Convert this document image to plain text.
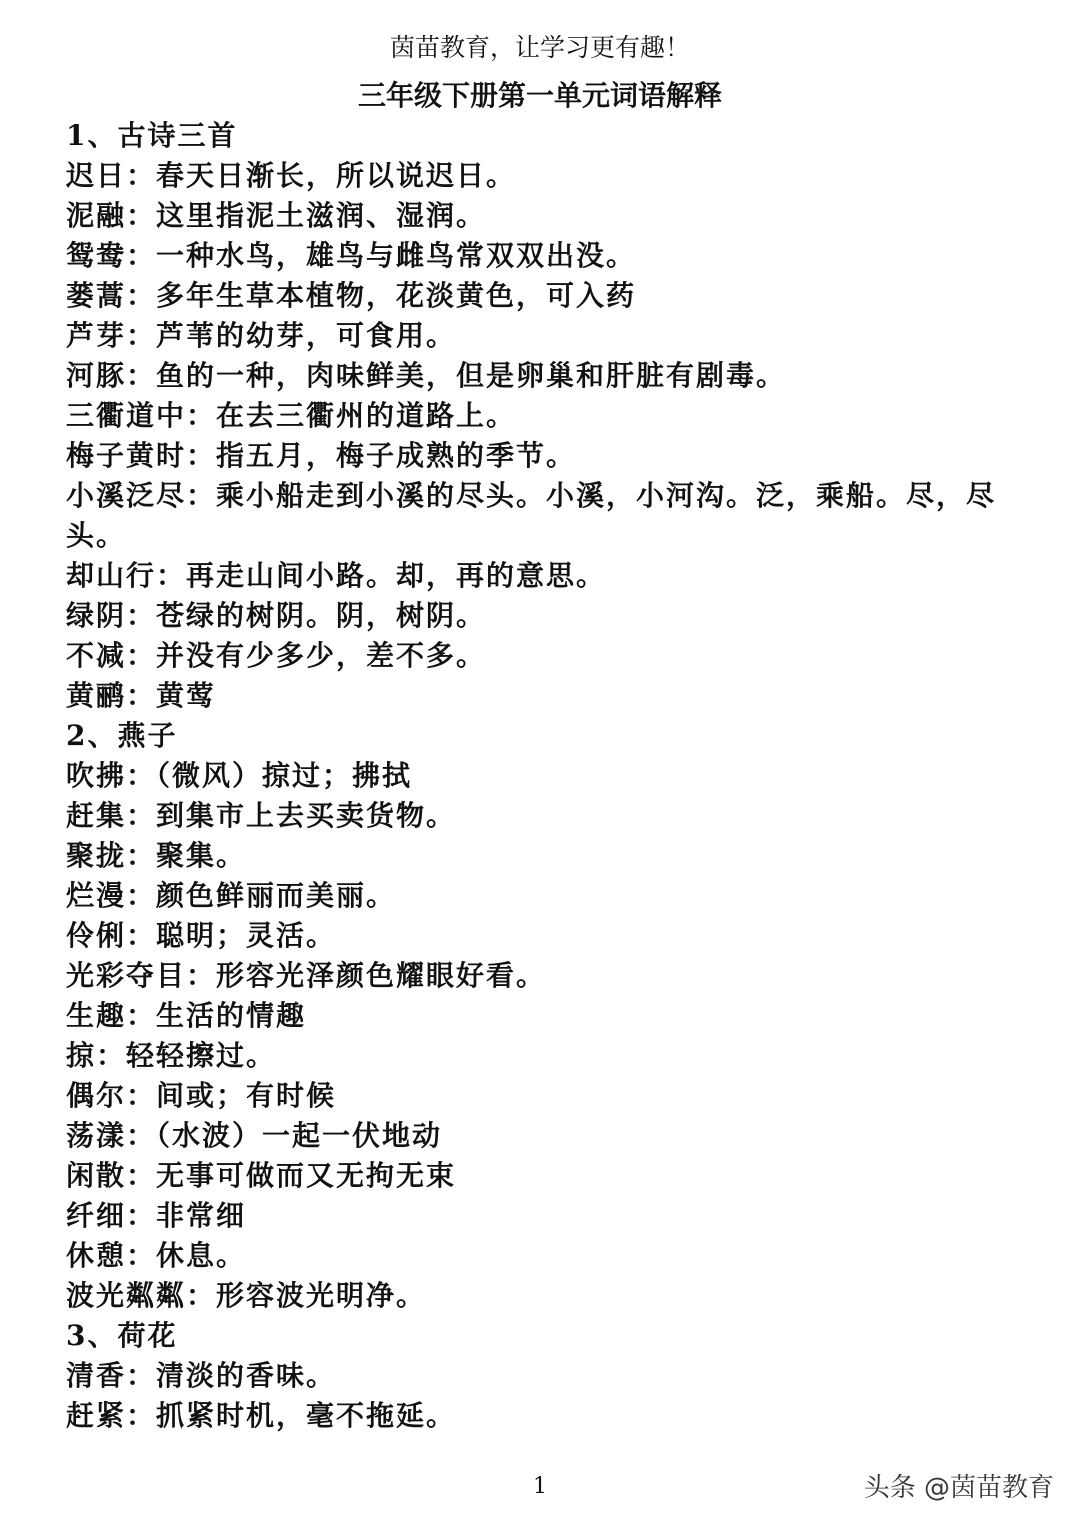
茵苗教育，让学习更有趣！
三年级下册第一单元词语解释
1、古诗三首
迟日 ： 春天日渐长，所以说迟日。
泥融 ： 这里指泥土滋润、湿润。
鸳鸯 ： 一种水鸟，雄鸟与雌鸟常双双出没。
蒌蒿 ： 多年生草本植物，花淡黄色，可入药
芦芽 ： 芦苇的幼芽，可食用。
河豚 ： 鱼的一种，肉味鲜美，但是卵巢和肝脏有剧毒。
三衢道中 ： 在去三衢州的道路上。
梅子黄时 ： 指五月，梅子成熟的季节。
小溪泛尽 ： 乘小船走到小溪的尽头。小溪，小河沟。泛，乘船。尽，尽头。
却山行 ： 再走山间小路。却，再的意思。
绿阴 ： 苍绿的树阴。阴，树阴。
不减 ： 并没有少多少，差不多。
黄鹂 ： 黄莺
2、燕子
吹拂 ： （微风）掠过；拂拭
赶集 ： 到集市上去买卖货物。
聚拢 ： 聚集。
烂漫 ： 颜色鲜丽而美丽。
伶俐 ： 聪明；灵活。
光彩夺目 ： 形容光泽颜色耀眼好看。
生趣 ： 生活的情趣
掠 ： 轻轻擦过。
偶尔 ： 间或；有时候
荡漾 ： （水波）一起一伏地动
闲散 ： 无事可做而又无拘无束
纤细 ： 非常细
休憩 ： 休息。
波光粼粼 ： 形容波光明净。
3、荷花
清香 ： 清淡的香味。
赶紧 ： 抓紧时机，毫不拖延。
1	头条 @茵苗教育
